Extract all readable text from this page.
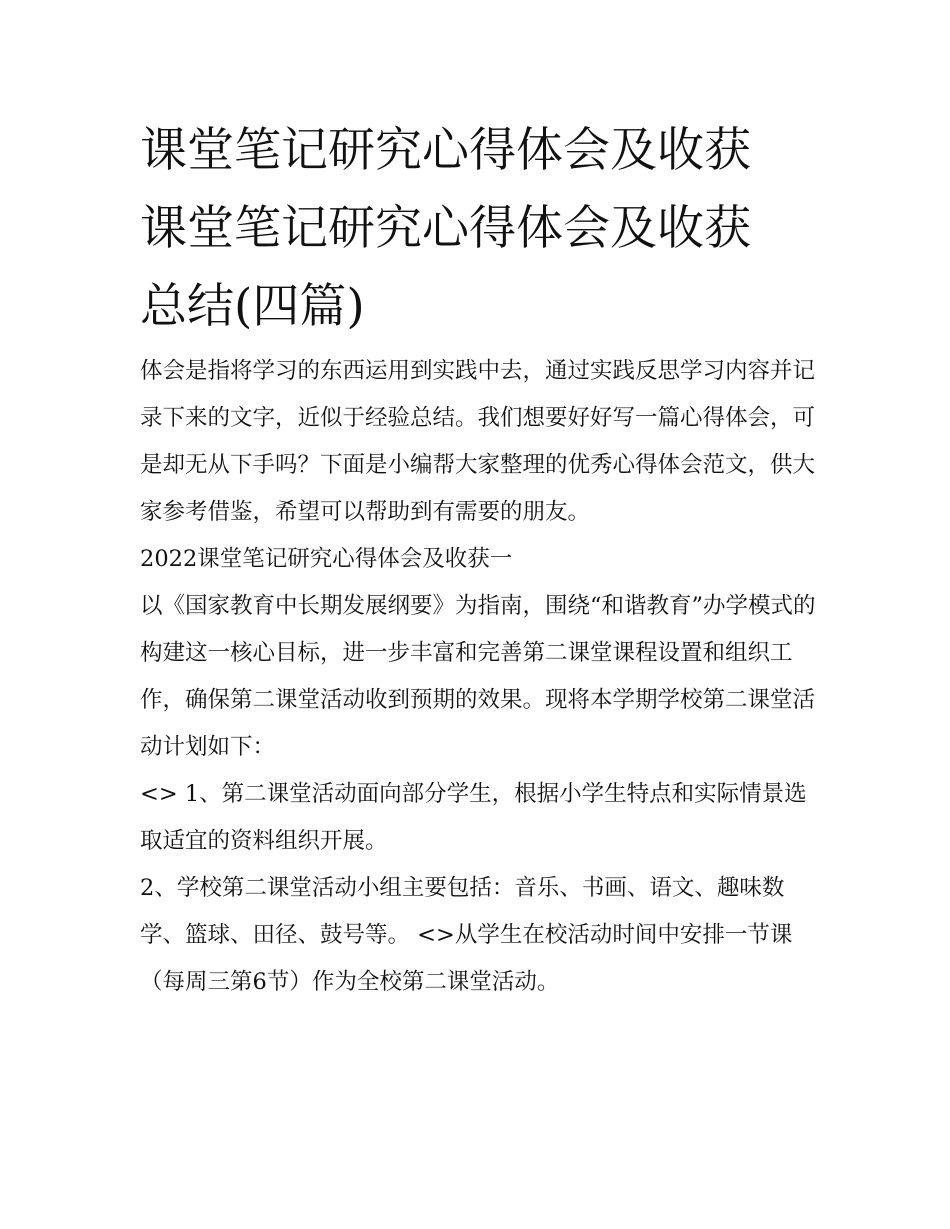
课堂笔记研究心得体会及收获
课堂笔记研究心得体会及收获
总结(四篇)

体会是指将学习的东西运用到实践中去，通过实践反思学习内容并记录下来的文字，近似于经验总结。我们想要好好写一篇心得体会，可是却无从下手吗？下面是小编帮大家整理的优秀心得体会范文，供大家参考借鉴，希望可以帮助到有需要的朋友。

2022课堂笔记研究心得体会及收获一

以《国家教育中长期发展纲要》为指南，围绕“和谐教育”办学模式的构建这一核心目标，进一步丰富和完善第二课堂课程设置和组织工作，确保第二课堂活动收到预期的效果。现将本学期学校第二课堂活动计划如下：

<> 1、第二课堂活动面向部分学生，根据小学生特点和实际情景选取适宜的资料组织开展。

2、学校第二课堂活动小组主要包括：音乐、书画、语文、趣味数学、篮球、田径、鼓号等。 <>从学生在校活动时间中安排一节课（每周三第6节）作为全校第二课堂活动。
